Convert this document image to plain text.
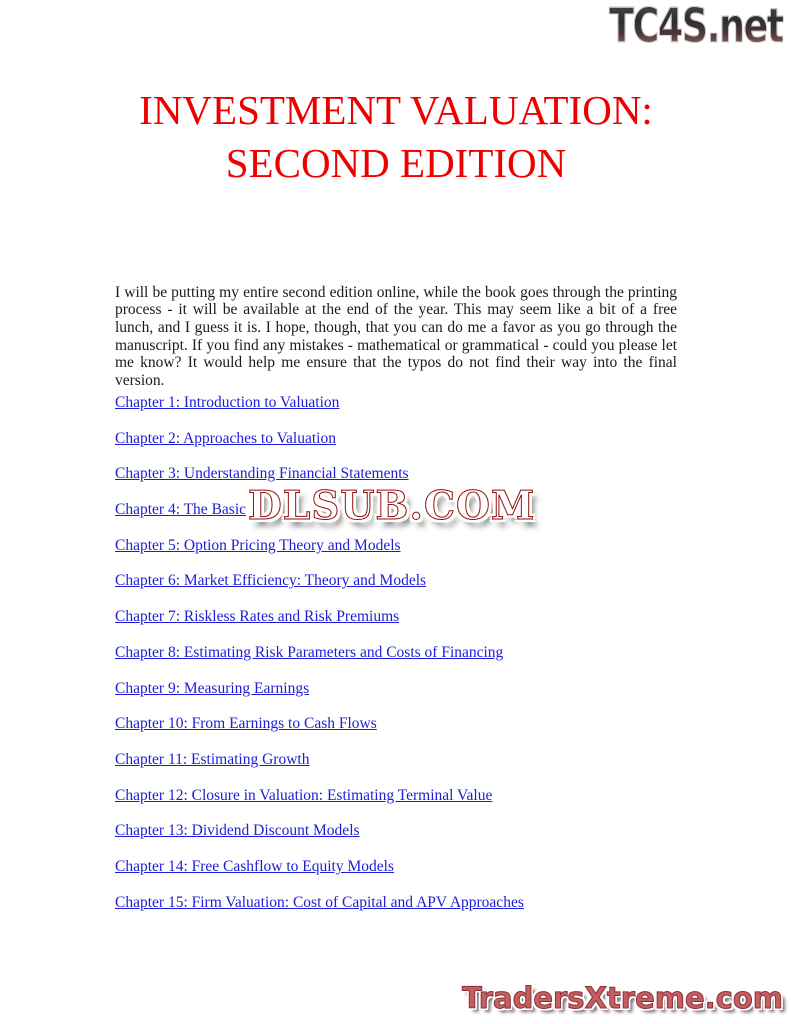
TC4S.net
INVESTMENT VALUATION: SECOND EDITION

I will be putting my entire second edition online, while the book goes through the printing process - it will be available at the end of the year. This may seem like a bit of a free lunch, and I guess it is. I hope, though, that you can do me a favor as you go through the manuscript. If you find any mistakes - mathematical or grammatical - could you please let me know? It would help me ensure that the typos do not find their way into the final version.

Chapter 1: Introduction to Valuation
Chapter 2: Approaches to Valuation
Chapter 3: Understanding Financial Statements
Chapter 4: The Basic
Chapter 5: Option Pricing Theory and Models
Chapter 6: Market Efficiency: Theory and Models
Chapter 7: Riskless Rates and Risk Premiums
Chapter 8: Estimating Risk Parameters and Costs of Financing
Chapter 9: Measuring Earnings
Chapter 10: From Earnings to Cash Flows
Chapter 11: Estimating Growth
Chapter 12: Closure in Valuation: Estimating Terminal Value
Chapter 13: Dividend Discount Models
Chapter 14: Free Cashflow to Equity Models
Chapter 15: Firm Valuation: Cost of Capital and APV Approaches
DLSUB.COM
TradersXtreme.com
